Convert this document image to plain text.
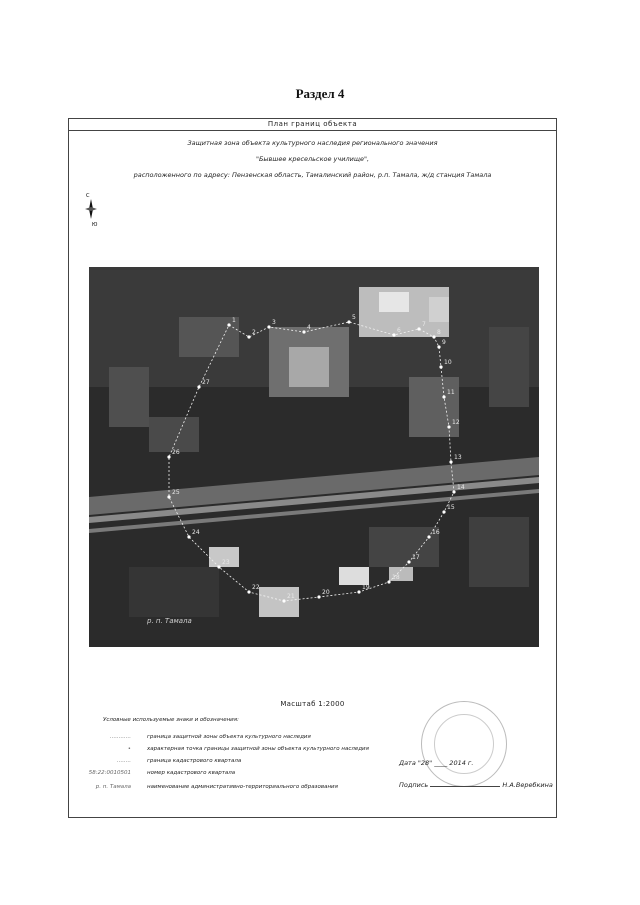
Раздел 4
План границ объекта
Защитная зона объекта культурного наследия регионального значения
"Бывшее кресельское училище",
расположенного по адресу: Пензенская область, Тамалинский район, р.п. Тамала, ж/д станция Тамала
С
Ю
1
2
3
4
5
6
7
8
9
10
11
12
13
14
15
16
17
18
19
20
21
22
23
24
25
26
27
р. п. Тамала
Масштаб 1:2000
Условные используемые знаки и обозначения:
............	граница защитной зоны объекта культурного наследия
•	характерная точка границы защитной зоны объекта культурного наследия
........	граница кадастрового квартала
58:22:0010501	номер кадастрового квартала
р. п. Тамала	наименование административно-территориального образования
Дата "28" ____ 2014 г.
Подпись	Н.А.Веребкина
